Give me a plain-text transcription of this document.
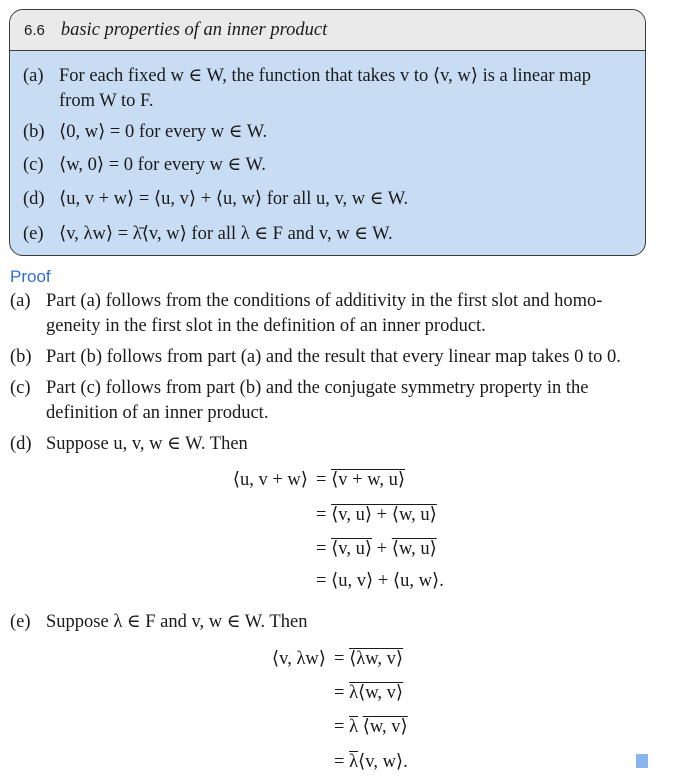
6.6 basic properties of an inner product
(a) For each fixed w ∈ W, the function that takes v to ⟨v, w⟩ is a linear map
from W to F.
(b) ⟨0, w⟩ = 0 for every w ∈ W.
(c) ⟨w, 0⟩ = 0 for every w ∈ W.
(d) ⟨u, v + w⟩ = ⟨u, v⟩ + ⟨u, w⟩ for all u, v, w ∈ W.
(e) ⟨v, λw⟩ = λ̄⟨v, w⟩ for all λ ∈ F and v, w ∈ W.
Proof
(a) Part (a) follows from the conditions of additivity in the first slot and homo-
geneity in the first slot in the definition of an inner product.
(b) Part (b) follows from part (a) and the result that every linear map takes 0 to 0.
(c) Part (c) follows from part (b) and the conjugate symmetry property in the
definition of an inner product.
(d) Suppose u, v, w ∈ W. Then
⟨u, v + w⟩ = ⟨v + w, u⟩
= ⟨v, u⟩ + ⟨w, u⟩
= ⟨v, u⟩ + ⟨w, u⟩
= ⟨u, v⟩ + ⟨u, w⟩.
(e) Suppose λ ∈ F and v, w ∈ W. Then
⟨v, λw⟩ = ⟨λw, v⟩
= λ⟨w, v⟩
= $\overline{\lambda}$ ⟨w, v⟩
= $\overline{\lambda}⟨v$, w⟩.
